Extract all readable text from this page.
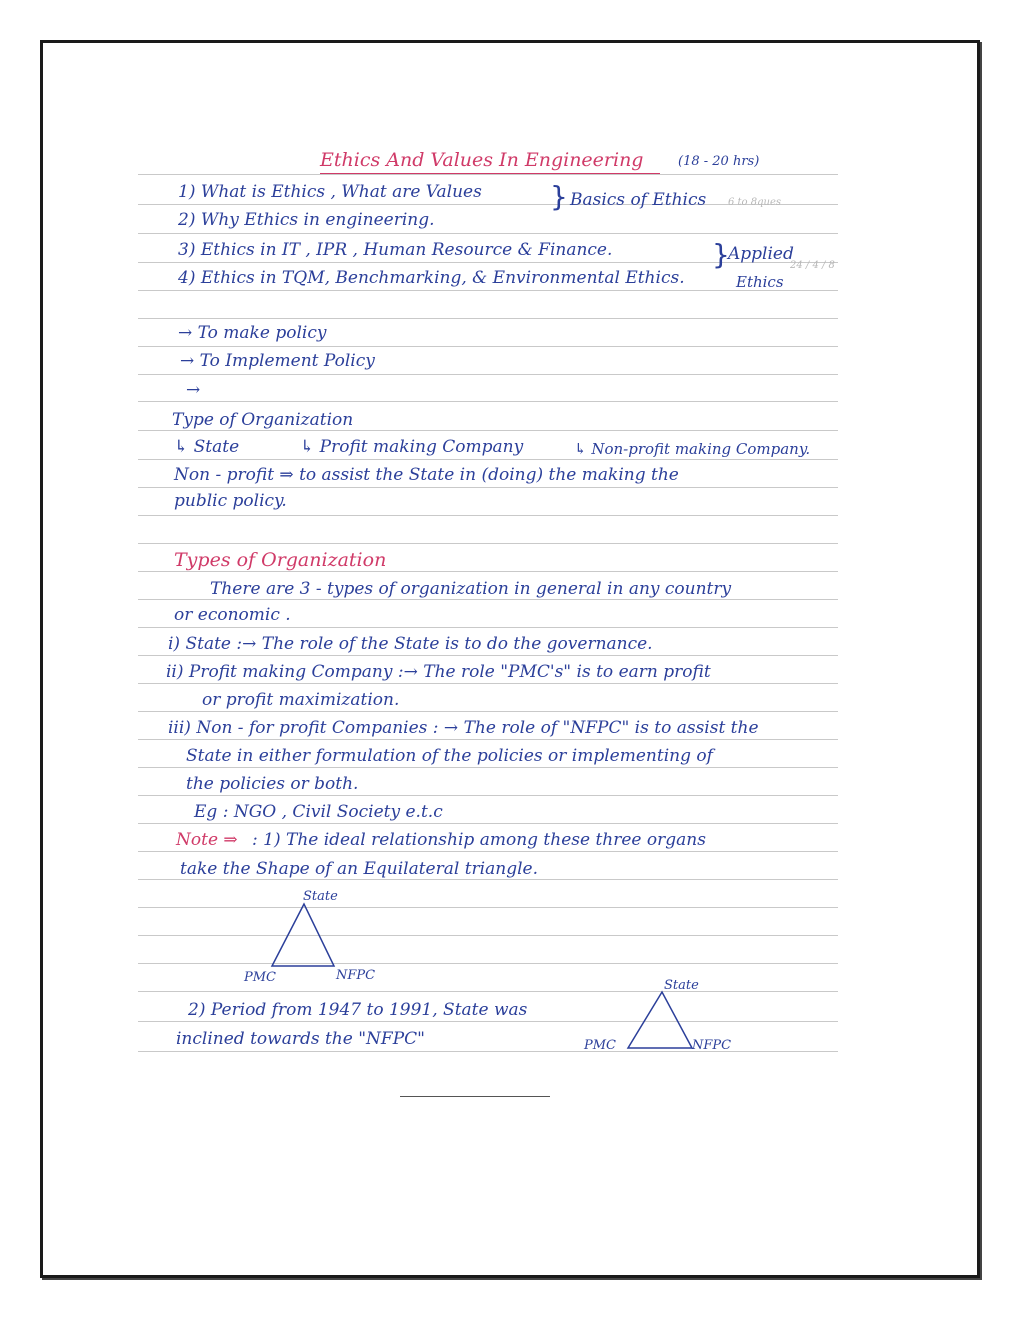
Ethics And Values In Engineering	(18 - 20 hrs)
1) What is Ethics , What are Values
2) Why Ethics in engineering.
3) Ethics in IT , IPR , Human Resource & Finance.
4) Ethics in TQM, Benchmarking, & Environmental Ethics.
} Basics of Ethics 6 to 8ques
}
Applied
Ethics
24 / 4 / 8
→ To make policy
→ To Implement Policy
→
Type of Organization
↳ State	↳ Profit making Company	↳ Non-profit making Company.
Non - profit ⇒ to assist the State in (doing) the making the
public policy.
Types of Organization
There are 3 - types of organization in general in any country
or economic .
i) State :→ The role of the State is to do the governance.
ii) Profit making Company :→ The role "PMC's" is to earn profit
or profit maximization.
iii) Non - for profit Companies : → The role of "NFPC" is to assist the
State in either formulation of the policies or implementing of
the policies or both.
Eg : NGO , Civil Society e.t.c
Note ⇒ : 1) The ideal relationship among these three organs
take the Shape of an Equilateral triangle.
State
PMC	NFPC
2) Period from 1947 to 1991, State was
inclined towards the "NFPC"
State
PMC	NFPC
